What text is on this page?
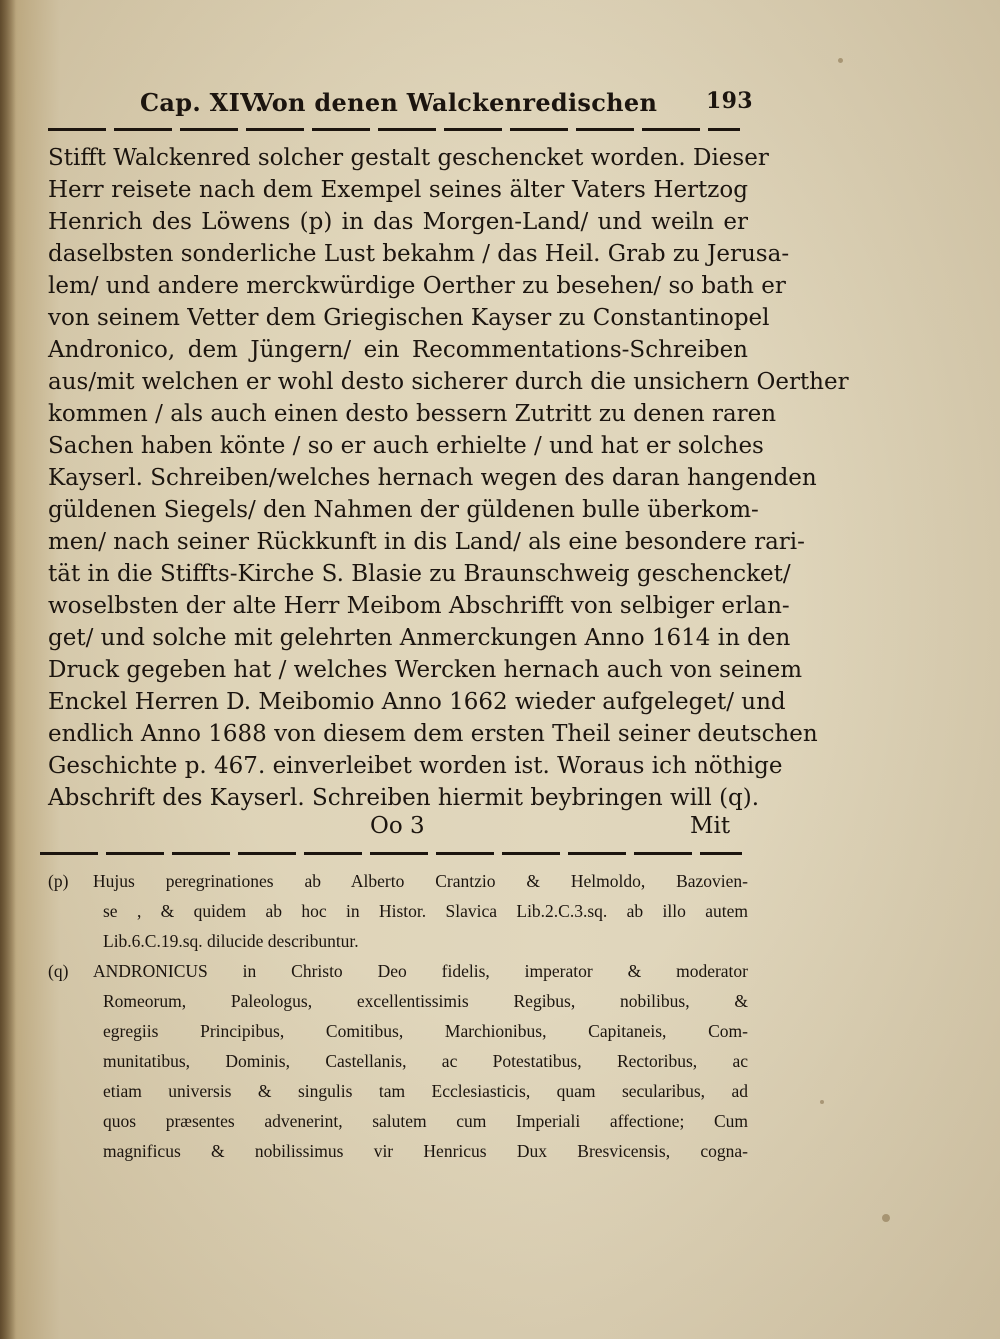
Cap. XIV.
Von denen Walckenredischen 193
Stifft Walckenred solcher gestalt geschencket worden. Dieser
Herr reisete nach dem Exempel seines älter Vaters Hertzog
Henrich des Löwens (p) in das Morgen-Land/ und weiln er
daselbsten sonderliche Lust bekahm / das Heil. Grab zu Jerusa-
lem/ und andere merckwürdige Oerther zu besehen/ so bath er
von seinem Vetter dem Griegischen Kayser zu Constantinopel
Andronico, dem Jüngern/ ein Recommentations-Schreiben
aus/mit welchen er wohl desto sicherer durch die unsichern Oerther
kommen / als auch einen desto bessern Zutritt zu denen raren
Sachen haben könte / so er auch erhielte / und hat er solches
Kayserl. Schreiben/welches hernach wegen des daran hangenden
güldenen Siegels/ den Nahmen der güldenen bulle überkom-
men/ nach seiner Rückkunft in dis Land/ als eine besondere rari-
tät in die Stiffts-Kirche S. Blasie zu Braunschweig geschencket/
woselbsten der alte Herr Meibom Abschrifft von selbiger erlan-
get/ und solche mit gelehrten Anmerckungen Anno 1614 in den
Druck gegeben hat / welches Wercken hernach auch von seinem
Enckel Herren D. Meibomio Anno 1662 wieder aufgeleget/ und
endlich Anno 1688 von diesem dem ersten Theil seiner deutschen
Geschichte p. 467. einverleibet worden ist. Woraus ich nöthige
Abschrift des Kayserl. Schreiben hiermit beybringen will (q).
Oo 3	Mit
(p)	Hujus peregrinationes ab Alberto Crantzio & Helmoldo, Bazovien-
se , & quidem ab hoc in Histor. Slavica Lib.2.C.3.sq. ab illo autem
Lib.6.C.19.sq. dilucide describuntur.
(q)	ANDRONICUS in Christo Deo fidelis, imperator & moderator
Romeorum, Paleologus, excellentissimis Regibus, nobilibus, &
egregiis Principibus, Comitibus, Marchionibus, Capitaneis, Com-
munitatibus, Dominis, Castellanis, ac Potestatibus, Rectoribus, ac
etiam universis & singulis tam Ecclesiasticis, quam secularibus, ad
quos præsentes advenerint, salutem cum Imperiali affectione; Cum
magnificus & nobilissimus vir Henricus Dux Bresvicensis, cogna-
